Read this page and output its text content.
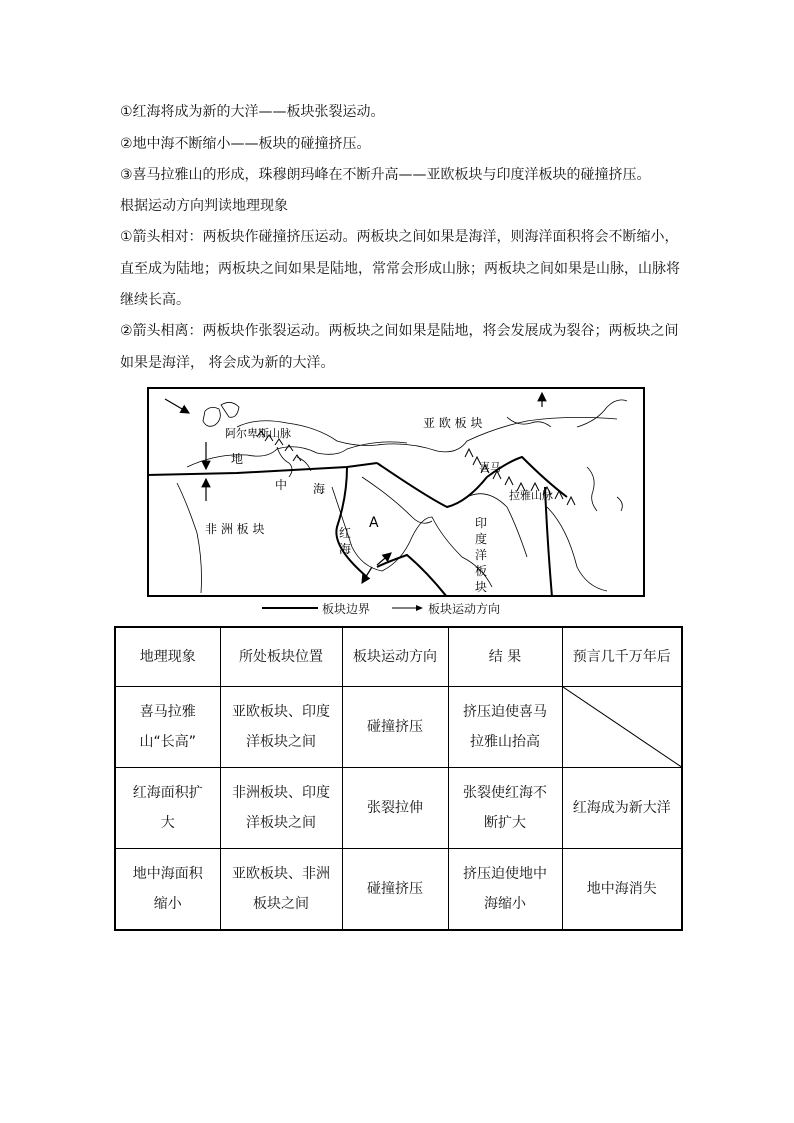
①红海将成为新的大洋——板块张裂运动。
②地中海不断缩小——板块的碰撞挤压。
③喜马拉雅山的形成，珠穆朗玛峰在不断升高——亚欧板块与印度洋板块的碰撞挤压。
根据运动方向判读地理现象
①箭头相对：两板块作碰撞挤压运动。两板块之间如果是海洋，则海洋面积将会不断缩小，
直至成为陆地；两板块之间如果是陆地，常常会形成山脉；两板块之间如果是山脉，山脉将
继续长高。
②箭头相离：两板块作张裂运动。两板块之间如果是陆地，将会发展成为裂谷；两板块之间
如果是海洋， 将会成为新的大洋。
亚 欧 板 块
阿尔卑斯山脉
喜马
拉雅山脉
地
中 海
非 洲 板 块	红
海
A	印
度
洋
板
块
板块边界	板块运动方向
地理现象	所处板块位置	板块运动方向	结 果	预言几千万年后
喜马拉雅山“长高”	亚欧板块、印度洋板块之间	碰撞挤压	挤压迫使喜马拉雅山抬高	

红海面积扩大	非洲板块、印度洋板块之间	张裂拉伸	张裂使红海不断扩大	红海成为新大洋
地中海面积缩小	亚欧板块、非洲板块之间	碰撞挤压	挤压迫使地中海缩小	地中海消失
